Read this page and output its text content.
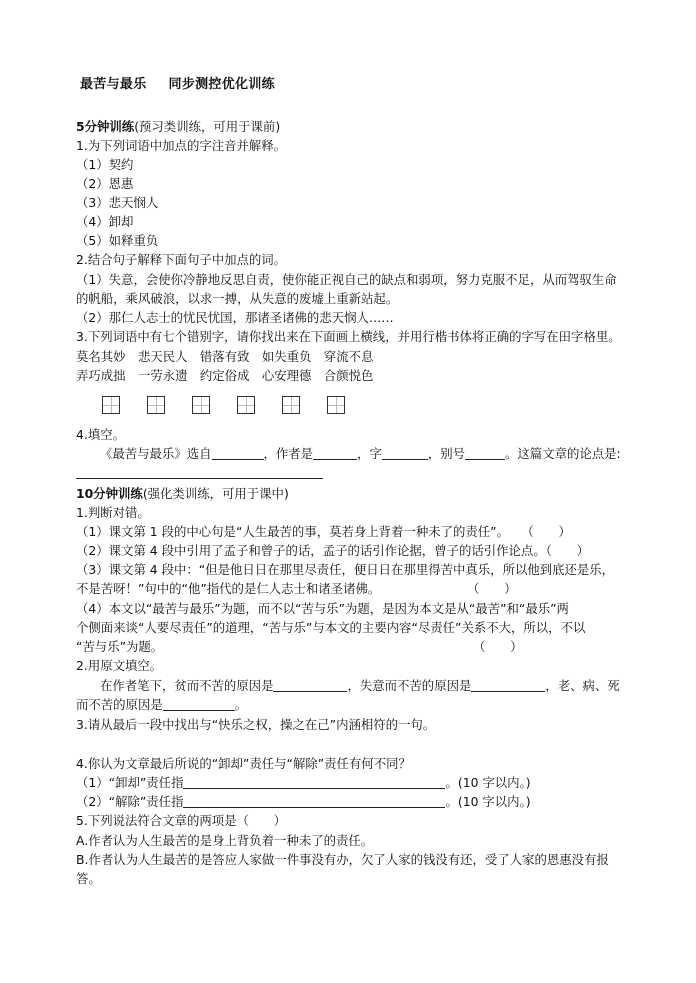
最苦与最乐 同步测控优化训练
5分钟训练(预习类训练，可用于课前)
1.为下列词语中加点的字注音并解释。
（1）契约
（2）恩惠
（3）悲天悯人
（4）卸却
（5）如释重负
2.结合句子解释下面句子中加点的词。
（1）失意，会使你冷静地反思自责，使你能正视自己的缺点和弱项，努力克服不足，从而驾驭生命
的帆船，乘风破浪，以求一搏，从失意的废墟上重新站起。
（2）那仁人志士的忧民忧国，那诸圣诸佛的悲天悯人……
3.下列词语中有七个错别字，请你找出来在下面画上横线，并用行楷书体将正确的字写在田字格里。
莫名其妙　悲天民人　错落有致　如失重负　穿流不息
弄巧成拙　一劳永遗　约定俗成　心安理德　合颜悦色
4.填空。
《最苦与最乐》选自	，作者是	，字	，别号	。这篇文章的论点是:
10分钟训练(强化类训练，可用于课中)
1.判断对错。
（1）课文第 1 段的中心句是“人生最苦的事，莫若身上背着一种未了的责任”。　　（　　）
（2）课文第 4 段中引用了孟子和曾子的话，孟子的话引作论据，曾子的话引作论点。（　　）
（3）课文第 4 段中：“但是他日日在那里尽责任，便日日在那里得苦中真乐，所以他到底还是乐，
不是苦呀！”句中的“他”指代的是仁人志士和诸圣诸佛。　　　　　　　　（　　）
（4）本文以“最苦与最乐”为题，而不以“苦与乐”为题，是因为本文是从“最苦”和“最乐”两
个侧面来谈“人要尽责任”的道理，“苦与乐”与本文的主要内容“尽责任”关系不大，所以，不以
“苦与乐”为题。　　　　　　　　　　　　　　　　　　　　　　　　　　（　　）
2.用原文填空。
在作者笔下，贫而不苦的原因是	，失意而不苦的原因是	，老、病、死
而不苦的原因是	。
3.请从最后一段中找出与“快乐之权，操之在己”内涵相符的一句。
4.你认为文章最后所说的“卸却”责任与“解除”责任有何不同？
（1）“卸却”责任指	。(10 字以内。)
（2）“解除”责任指	。(10 字以内。)
5.下列说法符合文章的两项是（　　）
A.作者认为人生最苦的是身上背负着一种未了的责任。
B.作者认为人生最苦的是答应人家做一件事没有办，欠了人家的钱没有还，受了人家的恩惠没有报
答。
